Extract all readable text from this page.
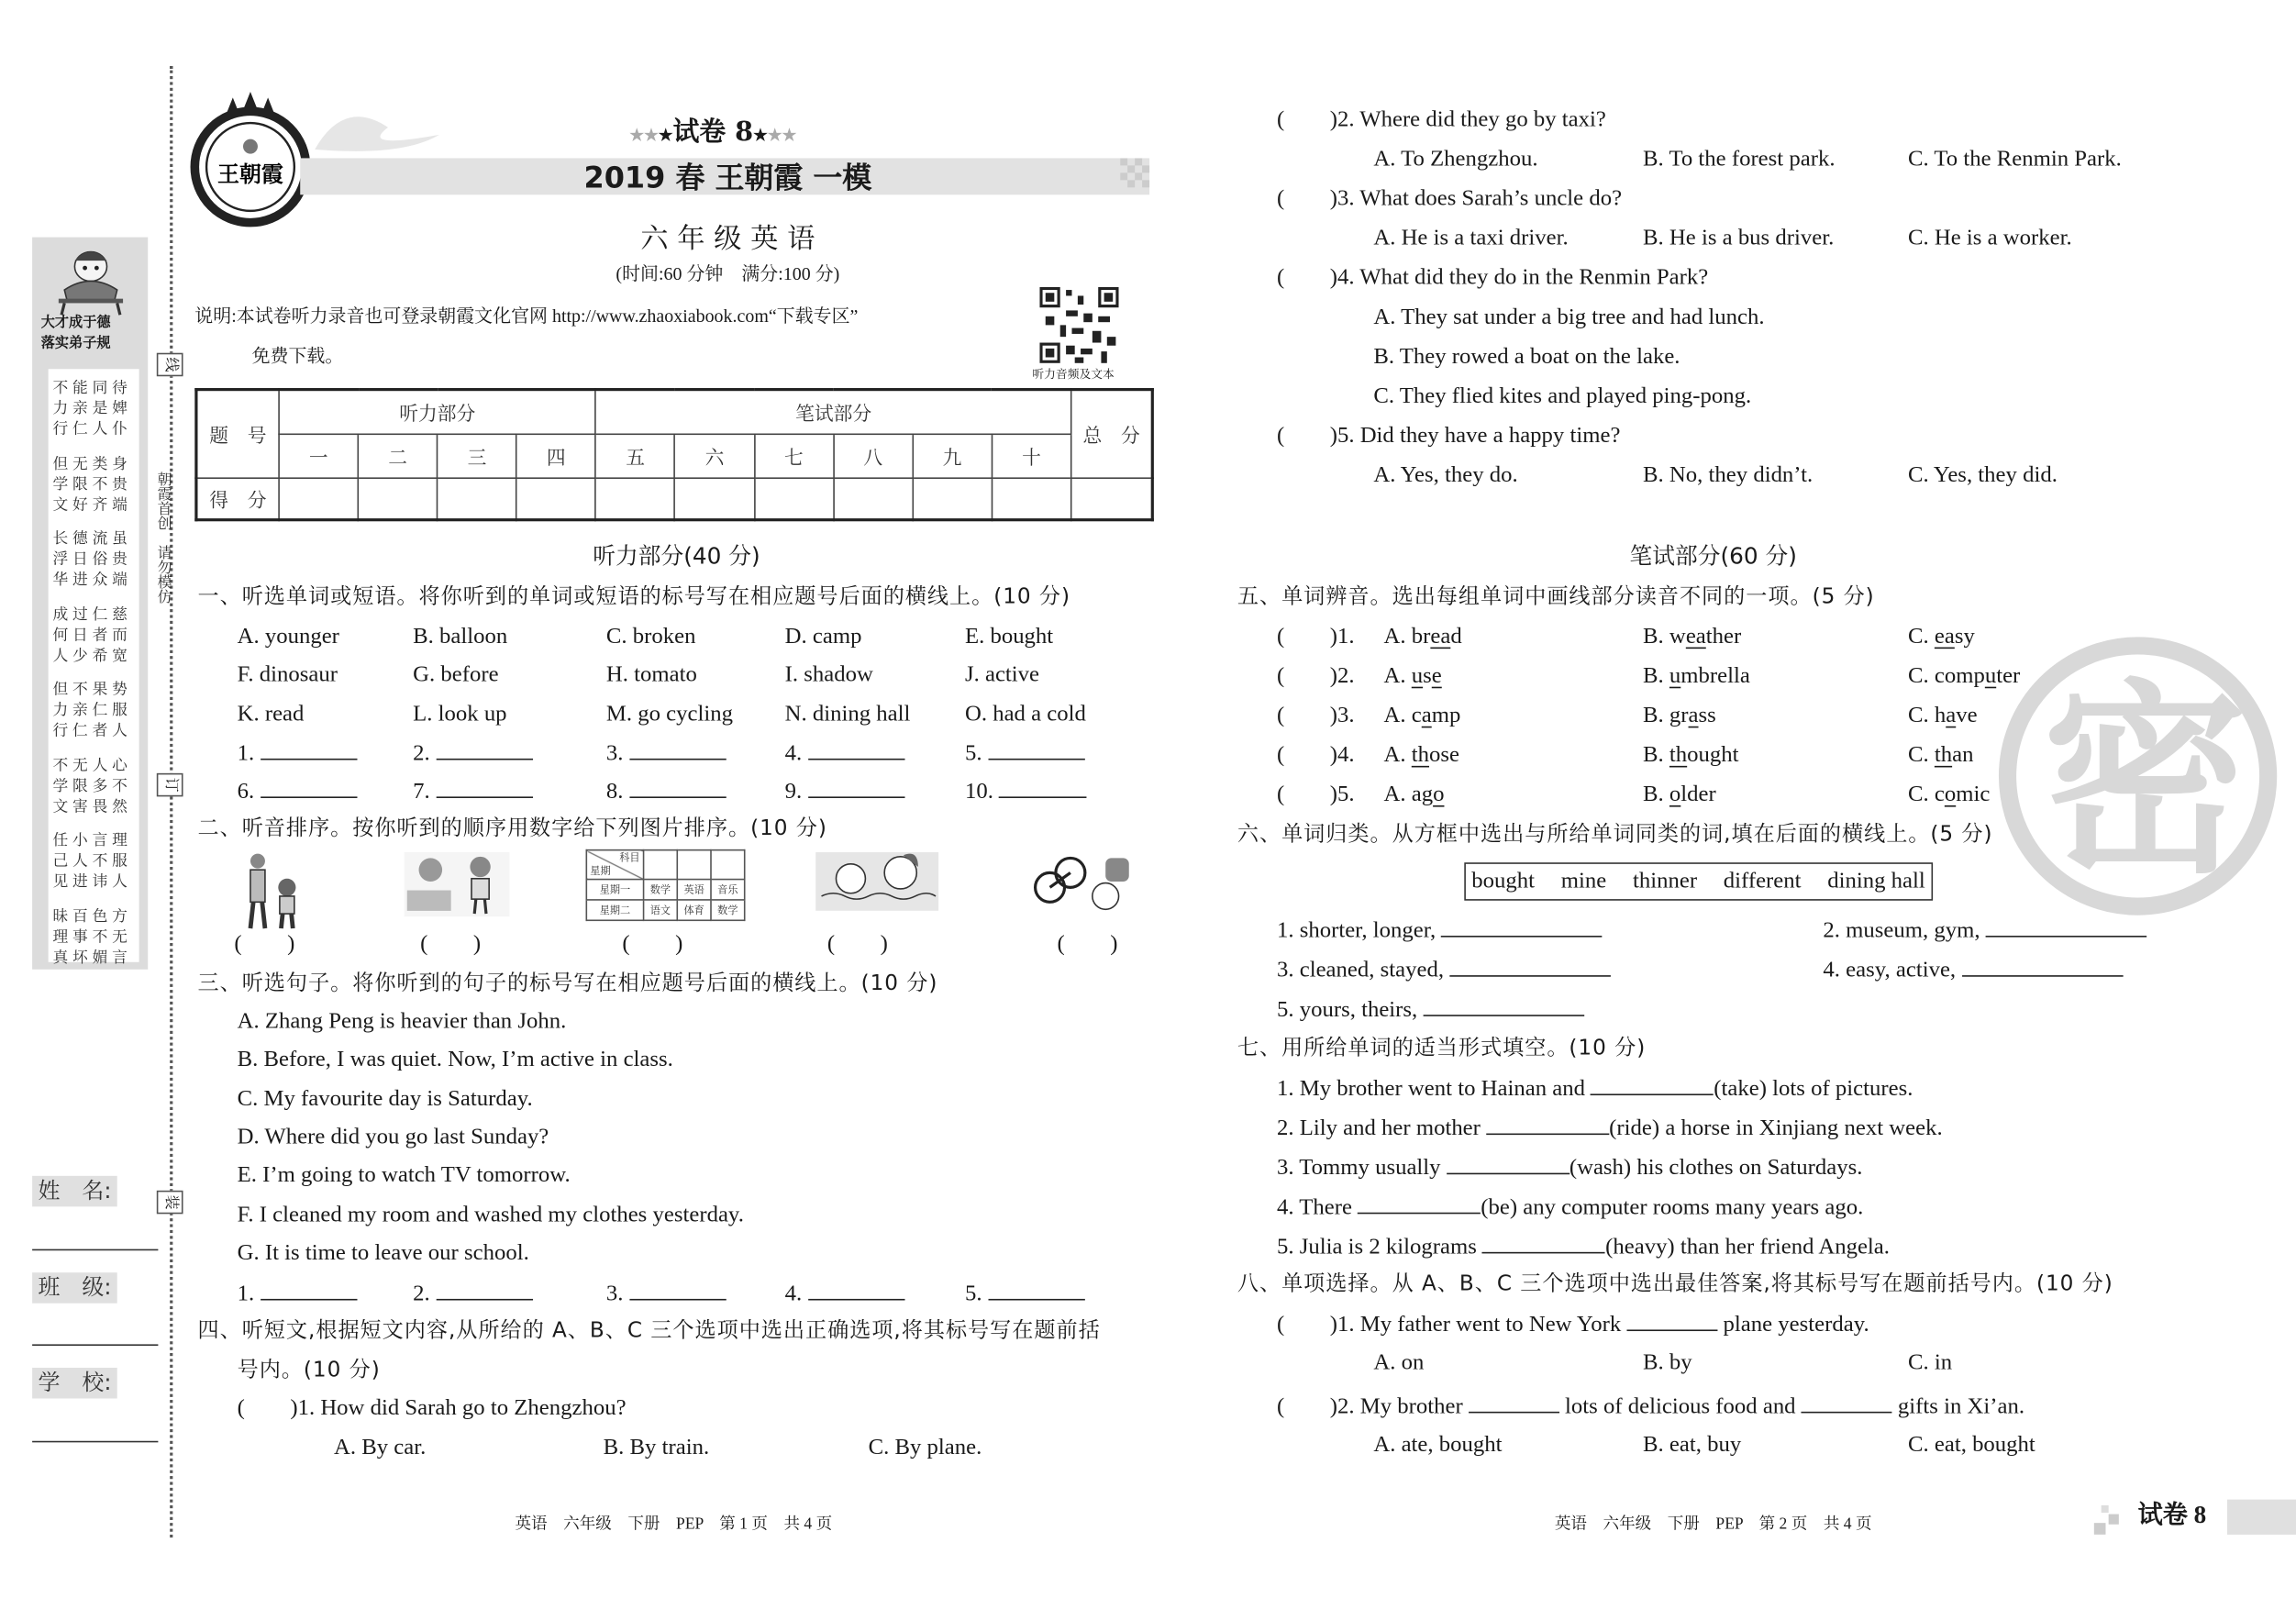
大才成于德
落实弟子规
不能同待
力亲是婢
行仁人仆
但无类身
学限不贵
文好齐端
长德流虽
浮日俗贵
华进众端
成过仁慈
何日者而
人少希宽
但不果势
力亲仁服
行仁者人
不无人心
学限多不
文害畏然
任小言理
己人不服
见进讳人
昧百色方
理事不无
真坏媚言
朝霞首创　请勿模仿
线
订
装
姓　名:
班　级:
学　校:
王朝霞
★★★试卷 8★★★
2019 春 王朝霞 一模
六 年 级 英 语
(时间:60 分钟　满分:100 分)
说明:本试卷听力录音也可登录朝霞文化官网 http://www.zhaoxiabook.com“下载专区”
免费下载。
听力音频及文本
题　号	听力部分				笔试部分						总　分
	一	二	三	四	五	六	七	八	九	十	
得　分											
听力部分(40 分)	笔试部分(60 分)
一、听选单词或短语。将你听到的单词或短语的标号写在相应题号后面的横线上。(10 分)
A. younger	B. balloon	C. broken	D. camp	E. bought
F. dinosaur	G. before	H. tomato	I. shadow	J. active
K. read	L. look up	M. go cycling	N. dining hall	O. had a cold
1.	2.	3.	4.	5.
6.	7.	8.	9.	10.
二、听音排序。按你听到的顺序用数字给下列图片排序。(10 分)
(　　)	(　　)
科目
星期			

星期一	数学	英语	音乐
星期二	语文	体育	数学
(　　)	(　　)	(　　)
三、听选句子。将你听到的句子的标号写在相应题号后面的横线上。(10 分)
A. Zhang Peng is heavier than John.
B. Before, I was quiet. Now, I’m active in class.
C. My favourite day is Saturday.
D. Where did you go last Sunday?
E. I’m going to watch TV tomorrow.
F. I cleaned my room and washed my clothes yesterday.
G. It is time to leave our school.
1.	2.	3.	4.	5.
四、听短文,根据短文内容,从所给的 A、B、C 三个选项中选出正确选项,将其标号写在题前括
号内。(10 分)
(　　)1. How did Sarah go to Zhengzhou?
A. By car.	B. By train.	C. By plane.
(　　)2. Where did they go by taxi?
A. To Zhengzhou.	B. To the forest park.	C. To the Renmin Park.
(　　)3. What does Sarah’s uncle do?
A. He is a taxi driver.	B. He is a bus driver.	C. He is a worker.
(　　)4. What did they do in the Renmin Park?
A. They sat under a big tree and had lunch.
B. They rowed a boat on the lake.
C. They flied kites and played ping-pong.
(　　)5. Did they have a happy time?
A. Yes, they do.	B. No, they didn’t.	C. Yes, they did.
五、单词辨音。选出每组单词中画线部分读音不同的一项。(5 分)
(　　)1. A. bread	B. weather	C. easy
(　　)2. A. use	B. umbrella	C. computer
(　　)3. A. camp	B. grass	C. have
(　　)4. A. those	B. thought	C. than
(　　)5. A. ago	B. older	C. comic
六、单词归类。从方框中选出与所给单词同类的词,填在后面的横线上。(5 分)
bought mine thinner different dining hall
1. shorter, longer,	2. museum, gym,
3. cleaned, stayed,	4. easy, active,
5. yours, theirs,
七、用所给单词的适当形式填空。(10 分)
1. My brother went to Hainan and	(take) lots of pictures.
2. Lily and her mother	(ride) a horse in Xinjiang next week.
3. Tommy usually	(wash) his clothes on Saturdays.
4. There	(be) any computer rooms many years ago.
5. Julia is 2 kilograms	(heavy) than her friend Angela.
八、单项选择。从 A、B、C 三个选项中选出最佳答案,将其标号写在题前括号内。(10 分)
(　　)1. My father went to New York	plane yesterday.
A. on	B. by	C. in
(　　)2. My brother	lots of delicious food and	gifts in Xi’an.
A. ate, bought	B. eat, buy	C. eat, bought
密
英语　六年级　下册　PEP　第 1 页　共 4 页	英语　六年级　下册　PEP　第 2 页　共 4 页	试卷 8
